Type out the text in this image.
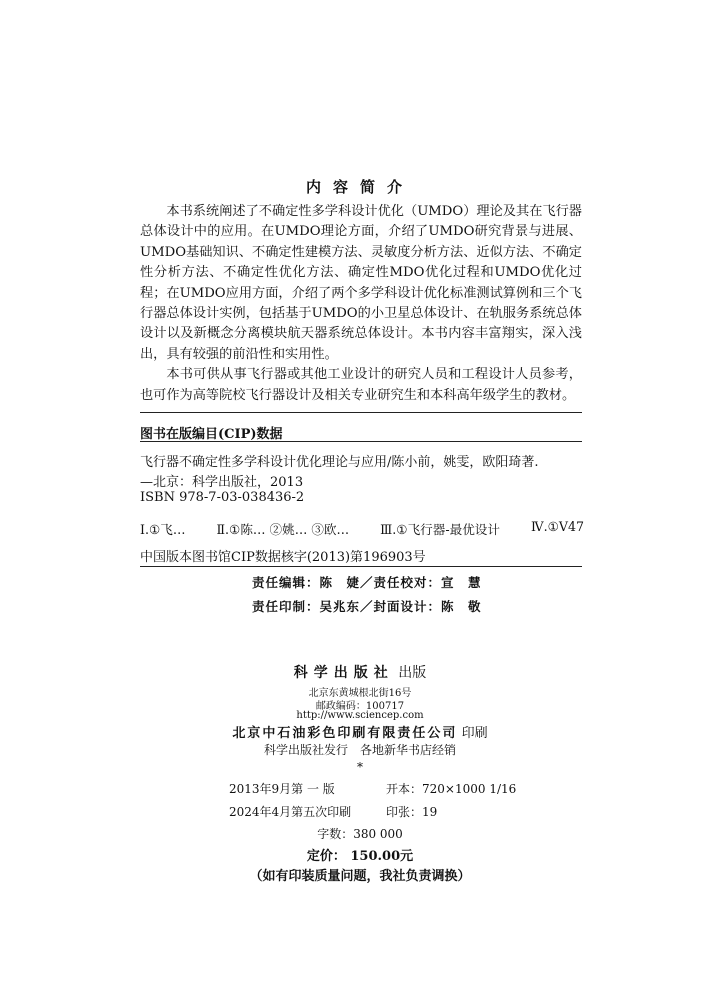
内容简介

本书系统阐述了不确定性多学科设计优化（UMDO）理论及其在飞行器总体设计中的应用。在UMDO理论方面，介绍了UMDO研究背景与进展、UMDO基础知识、不确定性建模方法、灵敏度分析方法、近似方法、不确定性分析方法、不确定性优化方法、确定性MDO优化过程和UMDO优化过程；在UMDO应用方面，介绍了两个多学科设计优化标准测试算例和三个飞行器总体设计实例，包括基于UMDO的小卫星总体设计、在轨服务系统总体设计以及新概念分离模块航天器系统总体设计。本书内容丰富翔实，深入浅出，具有较强的前沿性和实用性。

本书可供从事飞行器或其他工业设计的研究人员和工程设计人员参考，也可作为高等院校飞行器设计及相关专业研究生和本科高年级学生的教材。

图书在版编目(CIP)数据
飞行器不确定性多学科设计优化理论与应用/陈小前，姚雯，欧阳琦著.
—北京：科学出版社，2013
ISBN 978-7-03-038436-2
Ⅰ.①飞… Ⅱ.①陈… ②姚… ③欧… Ⅲ.①飞行器-最优设计 Ⅳ.①V47
中国版本图书馆CIP数据核字(2013)第196903号
责任编辑：陈　婕／责任校对：宣　慧
责任印制：吴兆东／封面设计：陈　敬
科学出版社 出版
北京东黄城根北街16号
邮政编码：100717
http://www.sciencep.com
北京中石油彩色印刷有限责任公司 印刷
科学出版社发行　各地新华书店经销
*
2013年9月第 一 版	开本：720×1000 1/16
2024年4月第五次印刷	印张：19
字数：380 000
定价： 150.00元
（如有印装质量问题，我社负责调换）
